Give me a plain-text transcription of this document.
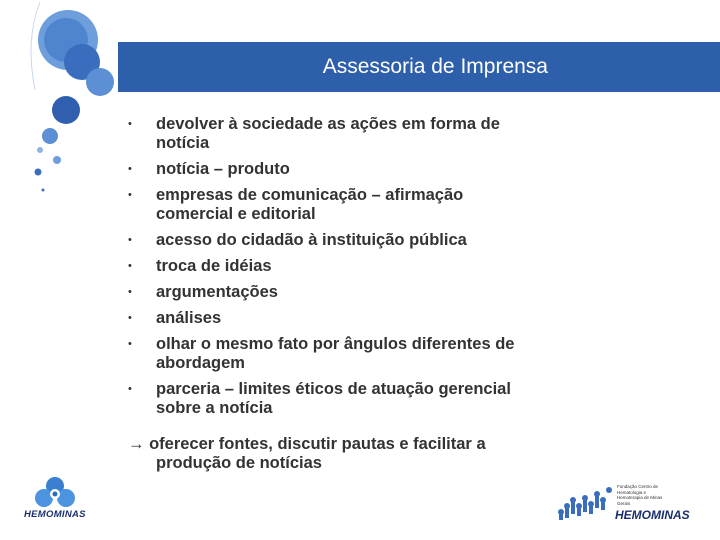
Assessoria de Imprensa
• devolver à sociedade as ações em forma de
notícia
• notícia – produto
• empresas de comunicação – afirmação
comercial e editorial
• acesso do cidadão à instituição pública
• troca de idéias
• argumentações
• análises
• olhar o mesmo fato por ângulos diferentes de
abordagem
• parceria – limites éticos de atuação gerencial
sobre a notícia
→ oferecer fontes, discutir pautas e facilitar a
produção de notícias
HEMOMINAS
Fundação Centro de Hematologia e Hemoterapia de Minas Gerais
HEMOMINAS
